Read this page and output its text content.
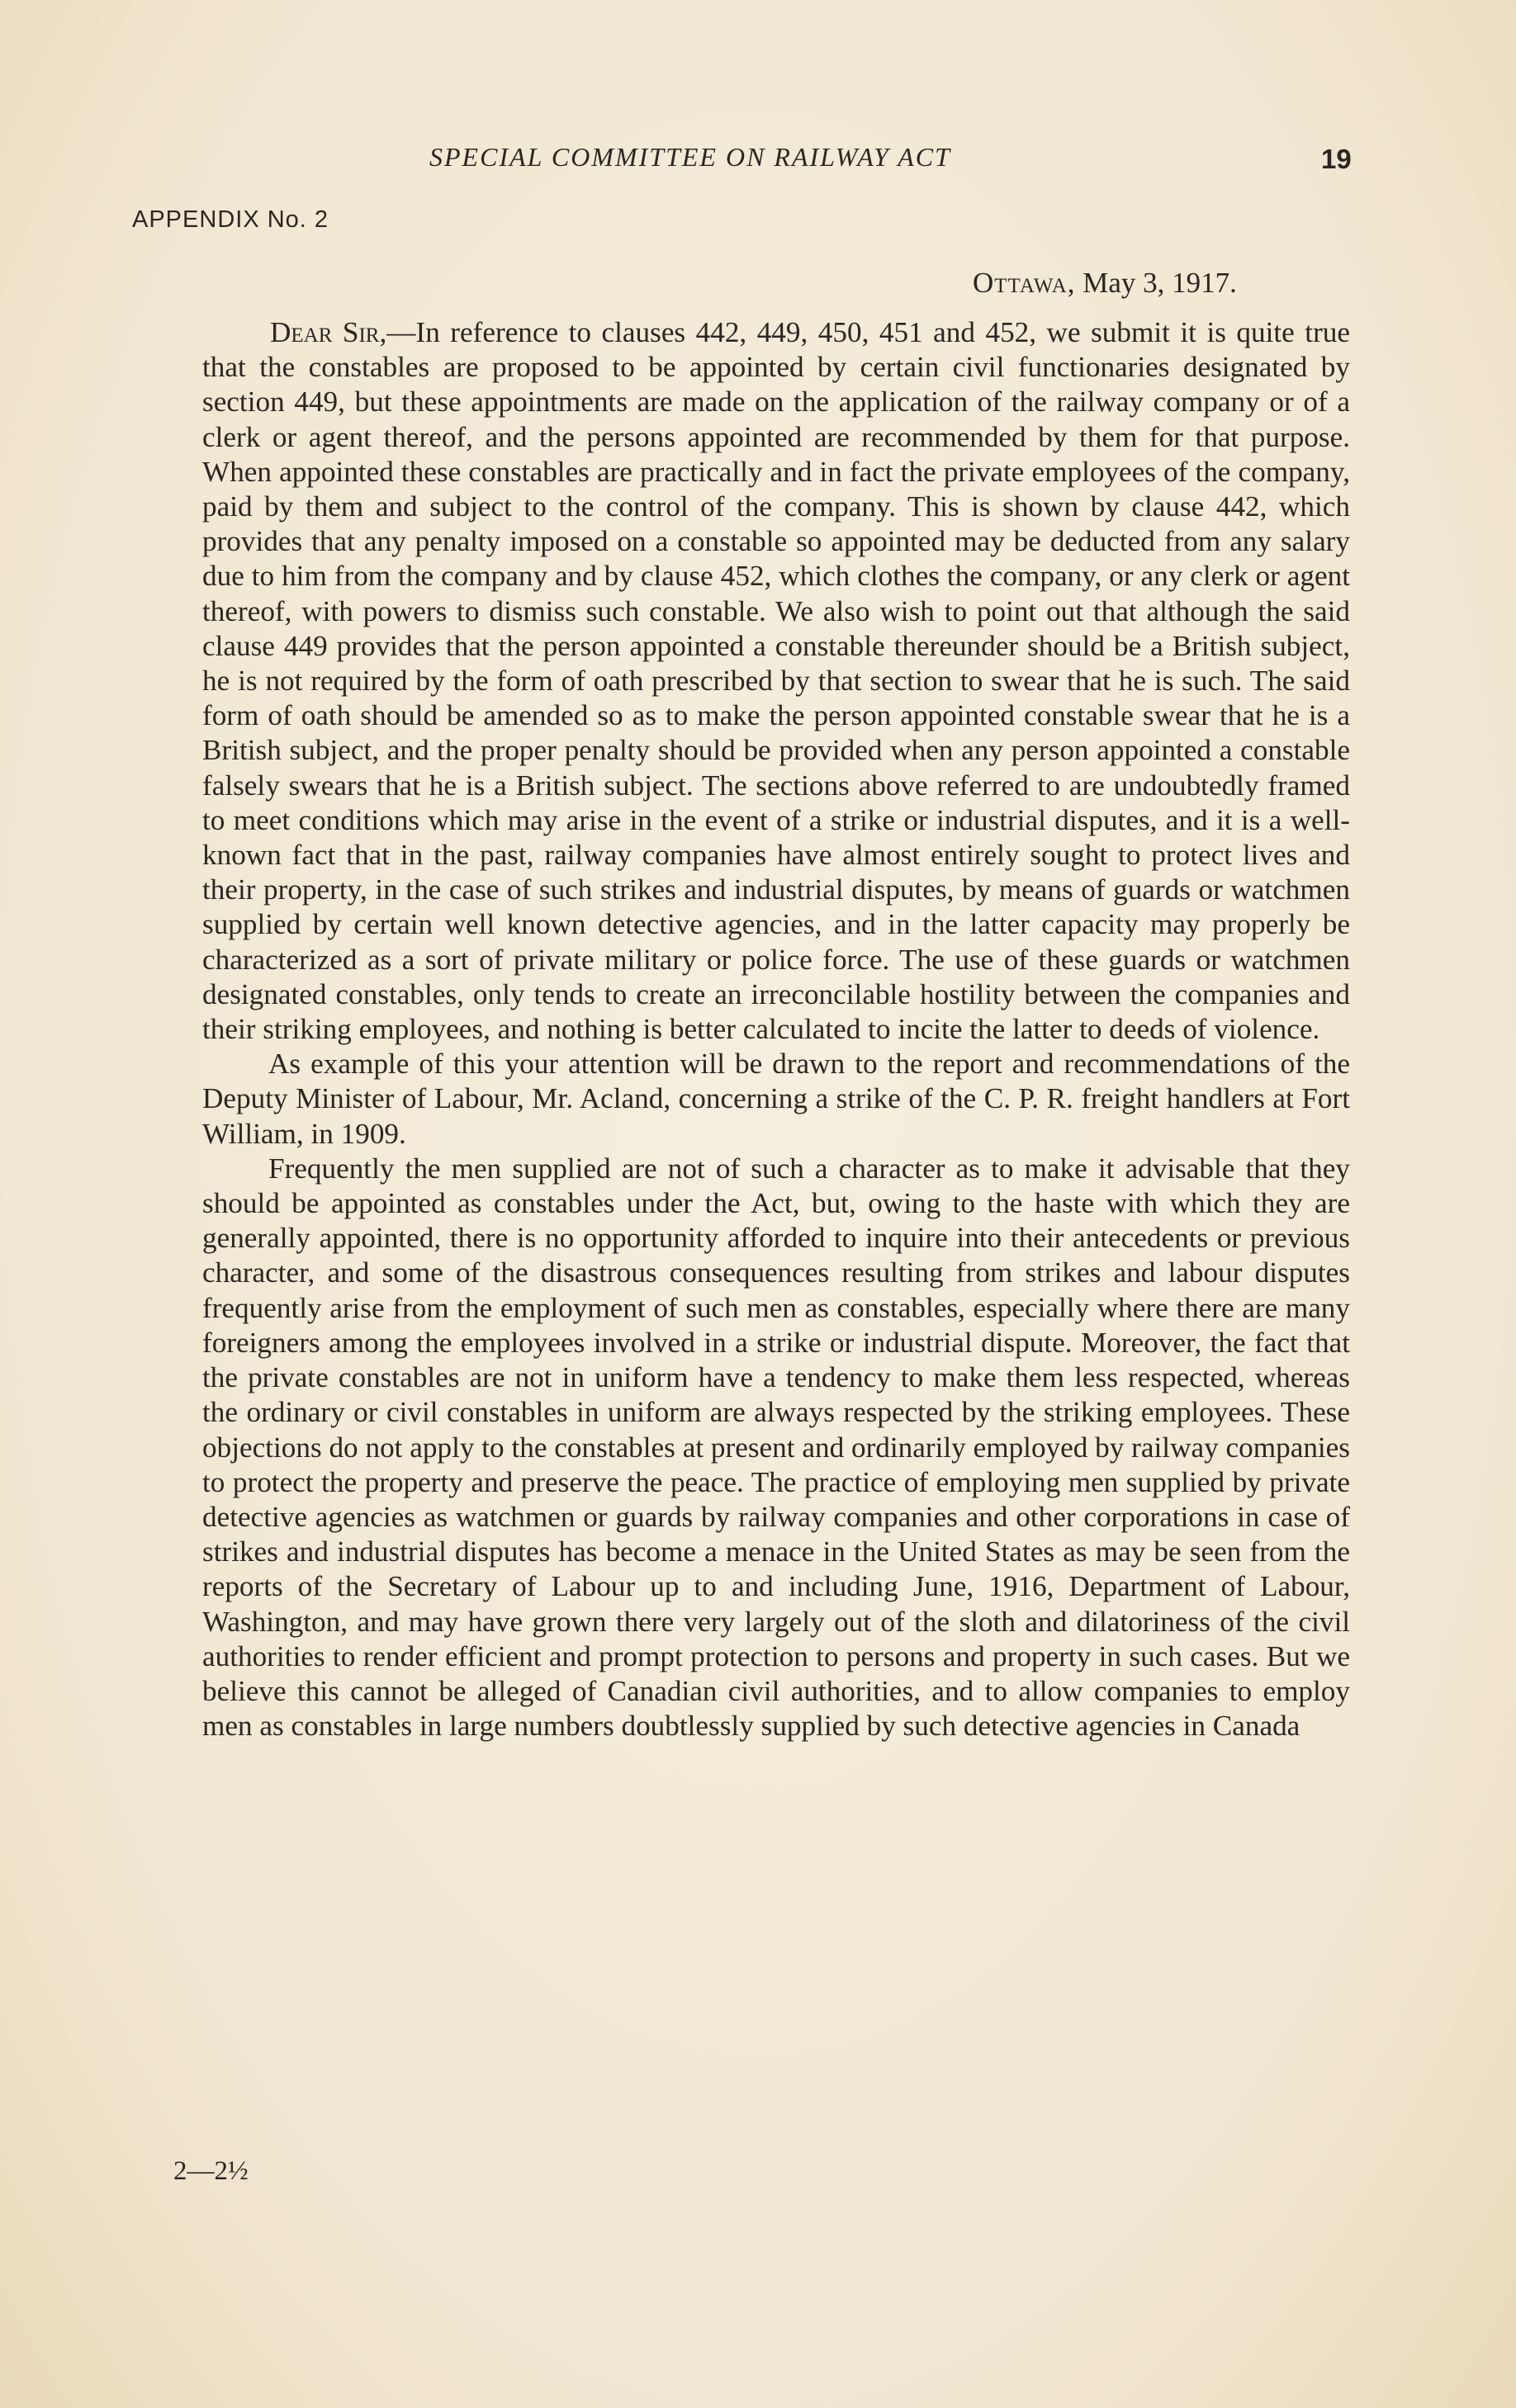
SPECIAL COMMITTEE ON RAILWAY ACT	19
APPENDIX No. 2
Ottawa, May 3, 1917.

Dear Sir,—In reference to clauses 442, 449, 450, 451 and 452, we submit it is quite true that the constables are proposed to be appointed by certain civil functionaries designated by section 449, but these appointments are made on the application of the railway company or of a clerk or agent thereof, and the persons appointed are recommended by them for that purpose. When appointed these constables are practically and in fact the private employees of the company, paid by them and subject to the control of the company. This is shown by clause 442, which provides that any penalty imposed on a constable so appointed may be deducted from any salary due to him from the company and by clause 452, which clothes the company, or any clerk or agent thereof, with powers to dismiss such constable. We also wish to point out that although the said clause 449 provides that the person appointed a constable thereunder should be a British subject, he is not required by the form of oath prescribed by that section to swear that he is such. The said form of oath should be amended so as to make the person appointed constable swear that he is a British subject, and the proper penalty should be provided when any person appointed a constable falsely swears that he is a British subject. The sections above referred to are undoubtedly framed to meet conditions which may arise in the event of a strike or industrial disputes, and it is a well-known fact that in the past, railway companies have almost entirely sought to protect lives and their property, in the case of such strikes and industrial disputes, by means of guards or watchmen supplied by certain well known detective agencies, and in the latter capacity may properly be characterized as a sort of private military or police force. The use of these guards or watchmen designated constables, only tends to create an irreconcilable hostility between the companies and their striking employees, and nothing is better calculated to incite the latter to deeds of violence.

As example of this your attention will be drawn to the report and recommendations of the Deputy Minister of Labour, Mr. Acland, concerning a strike of the C. P. R. freight handlers at Fort William, in 1909.

Frequently the men supplied are not of such a character as to make it advisable that they should be appointed as constables under the Act, but, owing to the haste with which they are generally appointed, there is no opportunity afforded to inquire into their antecedents or previous character, and some of the disastrous consequences resulting from strikes and labour disputes frequently arise from the employment of such men as constables, especially where there are many foreigners among the employees involved in a strike or industrial dispute. Moreover, the fact that the private constables are not in uniform have a tendency to make them less respected, whereas the ordinary or civil constables in uniform are always respected by the striking employees. These objections do not apply to the constables at present and ordinarily employed by railway companies to protect the property and preserve the peace. The practice of employing men supplied by private detective agencies as watchmen or guards by railway companies and other corporations in case of strikes and industrial disputes has become a menace in the United States as may be seen from the reports of the Secretary of Labour up to and including June, 1916, Department of Labour, Washington, and may have grown there very largely out of the sloth and dilatoriness of the civil authorities to render efficient and prompt protection to persons and property in such cases. But we believe this cannot be alleged of Canadian civil authorities, and to allow companies to employ men as constables in large numbers doubtlessly supplied by such detective agencies in Canada

2—2½
